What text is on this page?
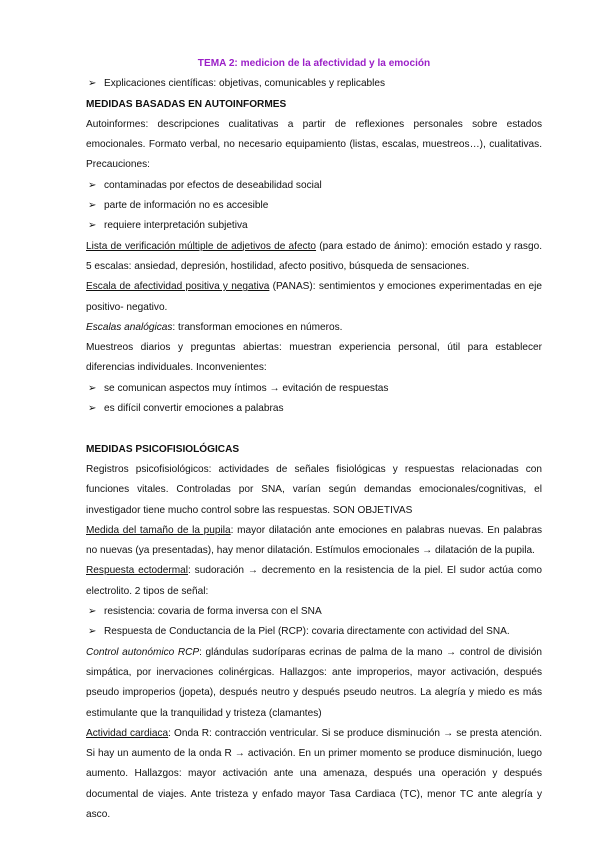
TEMA 2: medicion de la afectividad y la emoción

➢ Explicaciones científicas: objetivas, comunicables y replicables

MEDIDAS BASADAS EN AUTOINFORMES

Autoinformes: descripciones cualitativas a partir de reflexiones personales sobre estados emocionales. Formato verbal, no necesario equipamiento (listas, escalas, muestreos…), cualitativas. Precauciones:

➢ contaminadas por efectos de deseabilidad social
➢ parte de información no es accesible
➢ requiere interpretación subjetiva

Lista de verificación múltiple de adjetivos de afecto (para estado de ánimo): emoción estado y rasgo. 5 escalas: ansiedad, depresión, hostilidad, afecto positivo, búsqueda de sensaciones.

Escala de afectividad positiva y negativa (PANAS): sentimientos y emociones experimentadas en eje positivo- negativo.

Escalas analógicas: transforman emociones en números.

Muestreos diarios y preguntas abiertas: muestran experiencia personal, útil para establecer diferencias individuales. Inconvenientes:

➢ se comunican aspectos muy íntimos → evitación de respuestas
➢ es difícil convertir emociones a palabras

MEDIDAS PSICOFISIOLÓGICAS

Registros psicofisiológicos: actividades de señales fisiológicas y respuestas relacionadas con funciones vitales. Controladas por SNA, varían según demandas emocionales/cognitivas, el investigador tiene mucho control sobre las respuestas. SON OBJETIVAS

Medida del tamaño de la pupila: mayor dilatación ante emociones en palabras nuevas. En palabras no nuevas (ya presentadas), hay menor dilatación. Estímulos emocionales → dilatación de la pupila.

Respuesta ectodermal: sudoración → decremento en la resistencia de la piel. El sudor actúa como electrolito. 2 tipos de señal:

➢ resistencia: covaria de forma inversa con el SNA
➢ Respuesta de Conductancia de la Piel (RCP): covaria directamente con actividad del SNA.

Control autonómico RCP: glándulas sudoríparas ecrinas de palma de la mano → control de división simpática, por inervaciones colinérgicas. Hallazgos: ante improperios, mayor activación, después pseudo improperios (jopeta), después neutro y después pseudo neutros. La alegría y miedo es más estimulante que la tranquilidad y tristeza (clamantes)

Actividad cardiaca: Onda R: contracción ventricular. Si se produce disminución → se presta atención. Si hay un aumento de la onda R → activación. En un primer momento se produce disminución, luego aumento. Hallazgos: mayor activación ante una amenaza, después una operación y después documental de viajes. Ante tristeza y enfado mayor Tasa Cardiaca (TC), menor TC ante alegría y asco.
